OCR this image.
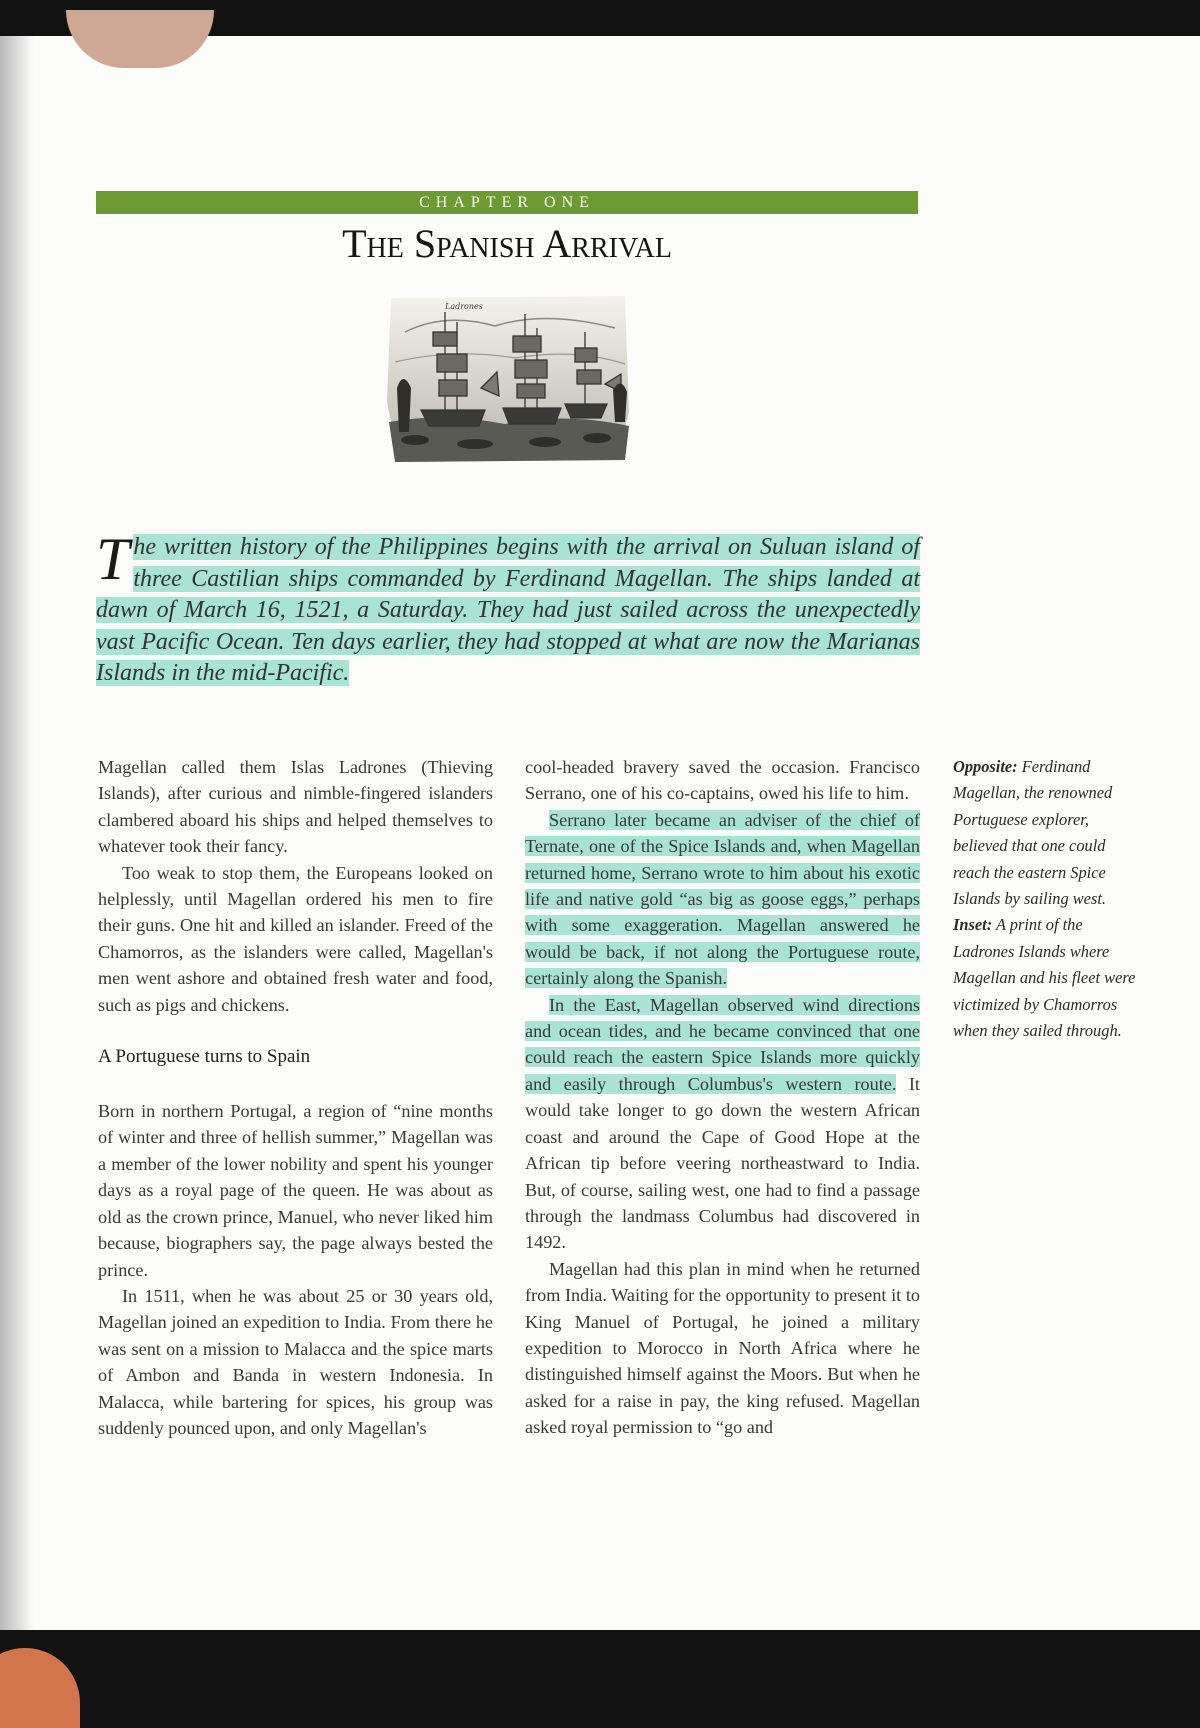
CHAPTER ONE
The Spanish Arrival
Ladrones

T he written history of the Philippines begins with the arrival on Suluan island of three Castilian ships commanded by Ferdinand Magellan. The ships landed at dawn of March 16, 1521, a Saturday. They had just sailed across the unexpectedly vast Pacific Ocean. Ten days earlier, they had stopped at what are now the Marianas Islands in the mid-Pacific.

Magellan called them Islas Ladrones (Thieving Islands), after curious and nimble-fingered islanders clambered aboard his ships and helped themselves to whatever took their fancy.

Too weak to stop them, the Europeans looked on helplessly, until Magellan ordered his men to fire their guns. One hit and killed an islander. Freed of the Chamorros, as the islanders were called, Magellan's men went ashore and obtained fresh water and food, such as pigs and chickens.

A Portuguese turns to Spain

Born in northern Portugal, a region of “nine months of winter and three of hellish summer,” Magellan was a member of the lower nobility and spent his younger days as a royal page of the queen. He was about as old as the crown prince, Manuel, who never liked him because, biographers say, the page always bested the prince.

In 1511, when he was about 25 or 30 years old, Magellan joined an expedition to India. From there he was sent on a mission to Malacca and the spice marts of Ambon and Banda in western Indonesia. In Malacca, while bartering for spices, his group was suddenly pounced upon, and only Magellan's

cool-headed bravery saved the occasion. Francisco Serrano, one of his co-captains, owed his life to him.

Serrano later became an adviser of the chief of Ternate, one of the Spice Islands and, when Magellan returned home, Serrano wrote to him about his exotic life and native gold “as big as goose eggs,” perhaps with some exaggeration. Magellan answered he would be back, if not along the Portuguese route, certainly along the Spanish.

In the East, Magellan observed wind directions and ocean tides, and he became convinced that one could reach the eastern Spice Islands more quickly and easily through Columbus's western route. It would take longer to go down the western African coast and around the Cape of Good Hope at the African tip before veering northeastward to India. But, of course, sailing west, one had to find a passage through the landmass Columbus had discovered in 1492.

Magellan had this plan in mind when he returned from India. Waiting for the opportunity to present it to King Manuel of Portugal, he joined a military expedition to Morocco in North Africa where he distinguished himself against the Moors. But when he asked for a raise in pay, the king refused. Magellan asked royal permission to “go and

Opposite: Ferdinand Magellan, the renowned Portuguese explorer, believed that one could reach the eastern Spice Islands by sailing west.

Inset: A print of the Ladrones Islands where Magellan and his fleet were victimized by Chamorros when they sailed through.
